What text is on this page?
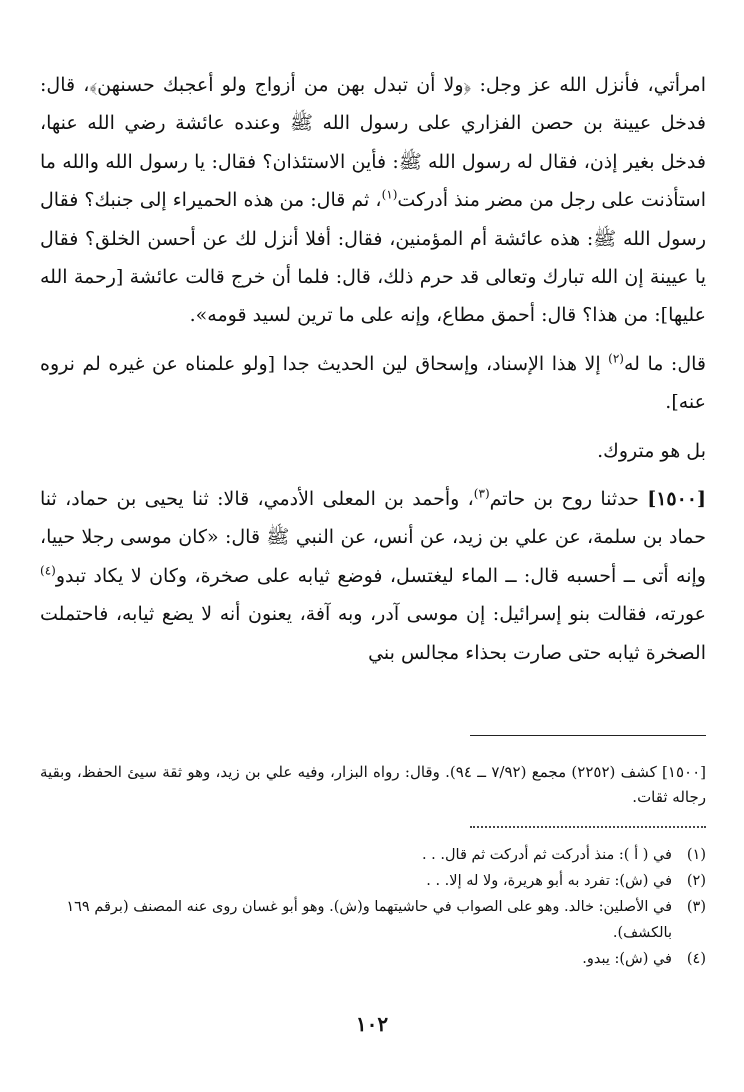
امرأتي، فأنزل الله عز وجل: ﴿ولا أن تبدل بهن من أزواج ولو أعجبك حسنهن﴾، قال: فدخل عيينة بن حصن الفزاري على رسول الله ﷺ وعنده عائشة رضي الله عنها، فدخل بغير إذن، فقال له رسول الله ﷺ: فأين الاستئذان؟ فقال: يا رسول الله والله ما استأذنت على رجل من مضر منذ أدركت$^{(١)}$، ثم قال: من هذه الحميراء إلى جنبك؟ فقال رسول الله ﷺ: هذه عائشة أم المؤمنين، فقال: أفلا أنزل لك عن أحسن الخلق؟ فقال يا عيينة إن الله تبارك وتعالى قد حرم ذلك، قال: فلما أن خرج قالت عائشة [رحمة الله عليها]: من هذا؟ قال: أحمق مطاع، وإنه على ما ترين لسيد قومه».

قال: ما له$^{(٢)}$ إلا هذا الإسناد، وإسحاق لين الحديث جدا [ولو علمناه عن غيره لم نروه عنه].

بل هو متروك.

[١٥٠٠] حدثنا روح بن حاتم$^{(٣)}$، وأحمد بن المعلى الأدمي، قالا: ثنا يحيى بن حماد، ثنا حماد بن سلمة، عن علي بن زيد، عن أنس، عن النبي ﷺ قال: «كان موسى رجلا حييا، وإنه أتى ــ أحسبه قال: ــ الماء ليغتسل، فوضع ثيابه على صخرة، وكان لا يكاد تبدو$^{(٤)}$ عورته، فقالت بنو إسرائيل: إن موسى آدر، وبه آفة، يعنون أنه لا يضع ثيابه، فاحتملت الصخرة ثيابه حتى صارت بحذاء مجالس بني

[١٥٠٠] كشف (٢٢٥٢) مجمع (٧/٩٢ ــ ٩٤). وقال: رواه البزار، وفيه علي بن زيد، وهو ثقة سيئ الحفظ، وبقية رجاله ثقات.
(١)
في ( أ ): منذ أدركت ثم أدركت ثم قال. . .
(٢)
في (ش): تفرد به أبو هريرة، ولا له إلا. . .
(٣)
في الأصلين: خالد. وهو على الصواب في حاشيتهما و(ش). وهو أبو غسان روى عنه المصنف (برقم ١٦٩ بالكشف).
(٤)
في (ش): يبدو.
١٠٢
